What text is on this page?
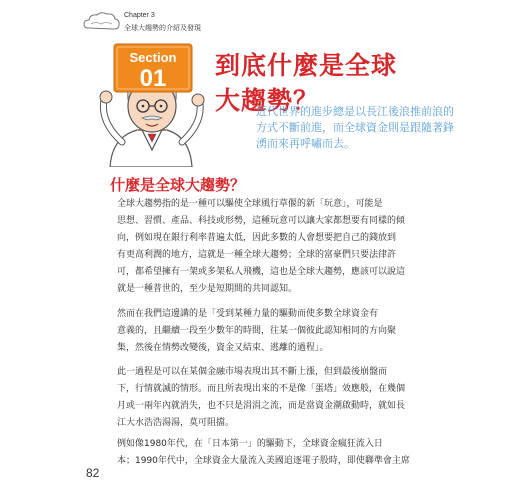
Chapter 3
全球大趨勢的介紹及發現
Section
01 到底什麼是全球
大趨勢？
近代世界的進步總是以長江後浪推前浪的
方式不斷前進，而全球資金則是跟隨著鋒
湧而來再呼嘯而去。
什麼是全球大趨勢？
全球大趨勢指的是一種可以驅使全球風行草偃的新「玩意」，可能是
思想、習慣、產品、科技或形勢，這種玩意可以讓大家都想要有同樣的傾
向，例如現在銀行利率普遍太低，因此多數的人會想要把自己的錢放到
有更高利潤的地方，這就是一種全球大趨勢；全球的富豪們只要法律許
可，都希望擁有一架或多架私人飛機，這也是全球大趨勢，應該可以說這
就是一種普世的，至少是短期間的共同認知。
然而在我們這邊講的是「受到某種力量的驅動而使多數全球資金有
意義的，且繼續一段至少數年的時間，往某一個彼此認知相同的方向聚
集，然後在情勢改變後，資金又結束、逃離的過程」。
此一過程是可以在某個金融市場表現出其不斷上漲，但到最後崩盤而
下，行情就滅的情形。而且所表現出來的不是像「蛋塔」效應般，在幾個
月或一兩年內就消失，也不只是涓涓之流，而是當資金潮啟動時，就如長
江大水浩浩湯湯，莫可阻擋。
例如像1980年代，在「日本第一」的驅動下，全球資金瘋狂流入日
本；1990年代中，全球資金大量流入美國追逐電子股時，即使聯準會主席
82
